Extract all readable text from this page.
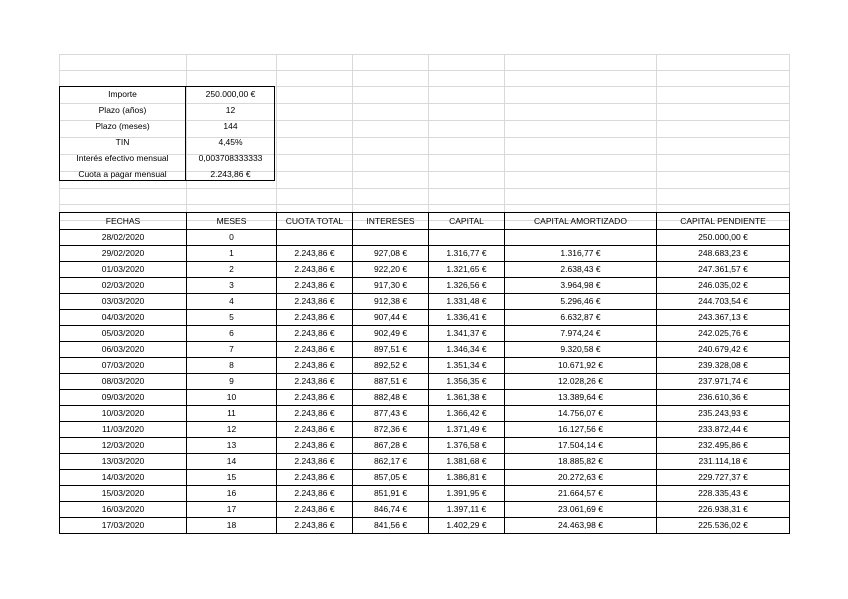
Importe	250.000,00 €
Plazo (años)	12
Plazo (meses)	144
TIN	4,45%
Interés efectivo mensual	0,003708333333
Cuota a pagar mensual	2.243,86 €
FECHAS	MESES	CUOTA TOTAL	INTERESES	CAPITAL	CAPITAL AMORTIZADO	CAPITAL PENDIENTE
28/02/2020	0					250.000,00 €
29/02/2020	1	2.243,86 €	927,08 €	1.316,77 €	1.316,77 €	248.683,23 €
01/03/2020	2	2.243,86 €	922,20 €	1.321,65 €	2.638,43 €	247.361,57 €
02/03/2020	3	2.243,86 €	917,30 €	1.326,56 €	3.964,98 €	246.035,02 €
03/03/2020	4	2.243,86 €	912,38 €	1.331,48 €	5.296,46 €	244.703,54 €
04/03/2020	5	2.243,86 €	907,44 €	1.336,41 €	6.632,87 €	243.367,13 €
05/03/2020	6	2.243,86 €	902,49 €	1.341,37 €	7.974,24 €	242.025,76 €
06/03/2020	7	2.243,86 €	897,51 €	1.346,34 €	9.320,58 €	240.679,42 €
07/03/2020	8	2.243,86 €	892,52 €	1.351,34 €	10.671,92 €	239.328,08 €
08/03/2020	9	2.243,86 €	887,51 €	1.356,35 €	12.028,26 €	237.971,74 €
09/03/2020	10	2.243,86 €	882,48 €	1.361,38 €	13.389,64 €	236.610,36 €
10/03/2020	11	2.243,86 €	877,43 €	1.366,42 €	14.756,07 €	235.243,93 €
11/03/2020	12	2.243,86 €	872,36 €	1.371,49 €	16.127,56 €	233.872,44 €
12/03/2020	13	2.243,86 €	867,28 €	1.376,58 €	17.504,14 €	232.495,86 €
13/03/2020	14	2.243,86 €	862,17 €	1.381,68 €	18.885,82 €	231.114,18 €
14/03/2020	15	2.243,86 €	857,05 €	1.386,81 €	20.272,63 €	229.727,37 €
15/03/2020	16	2.243,86 €	851,91 €	1.391,95 €	21.664,57 €	228.335,43 €
16/03/2020	17	2.243,86 €	846,74 €	1.397,11 €	23.061,69 €	226.938,31 €
17/03/2020	18	2.243,86 €	841,56 €	1.402,29 €	24.463,98 €	225.536,02 €
